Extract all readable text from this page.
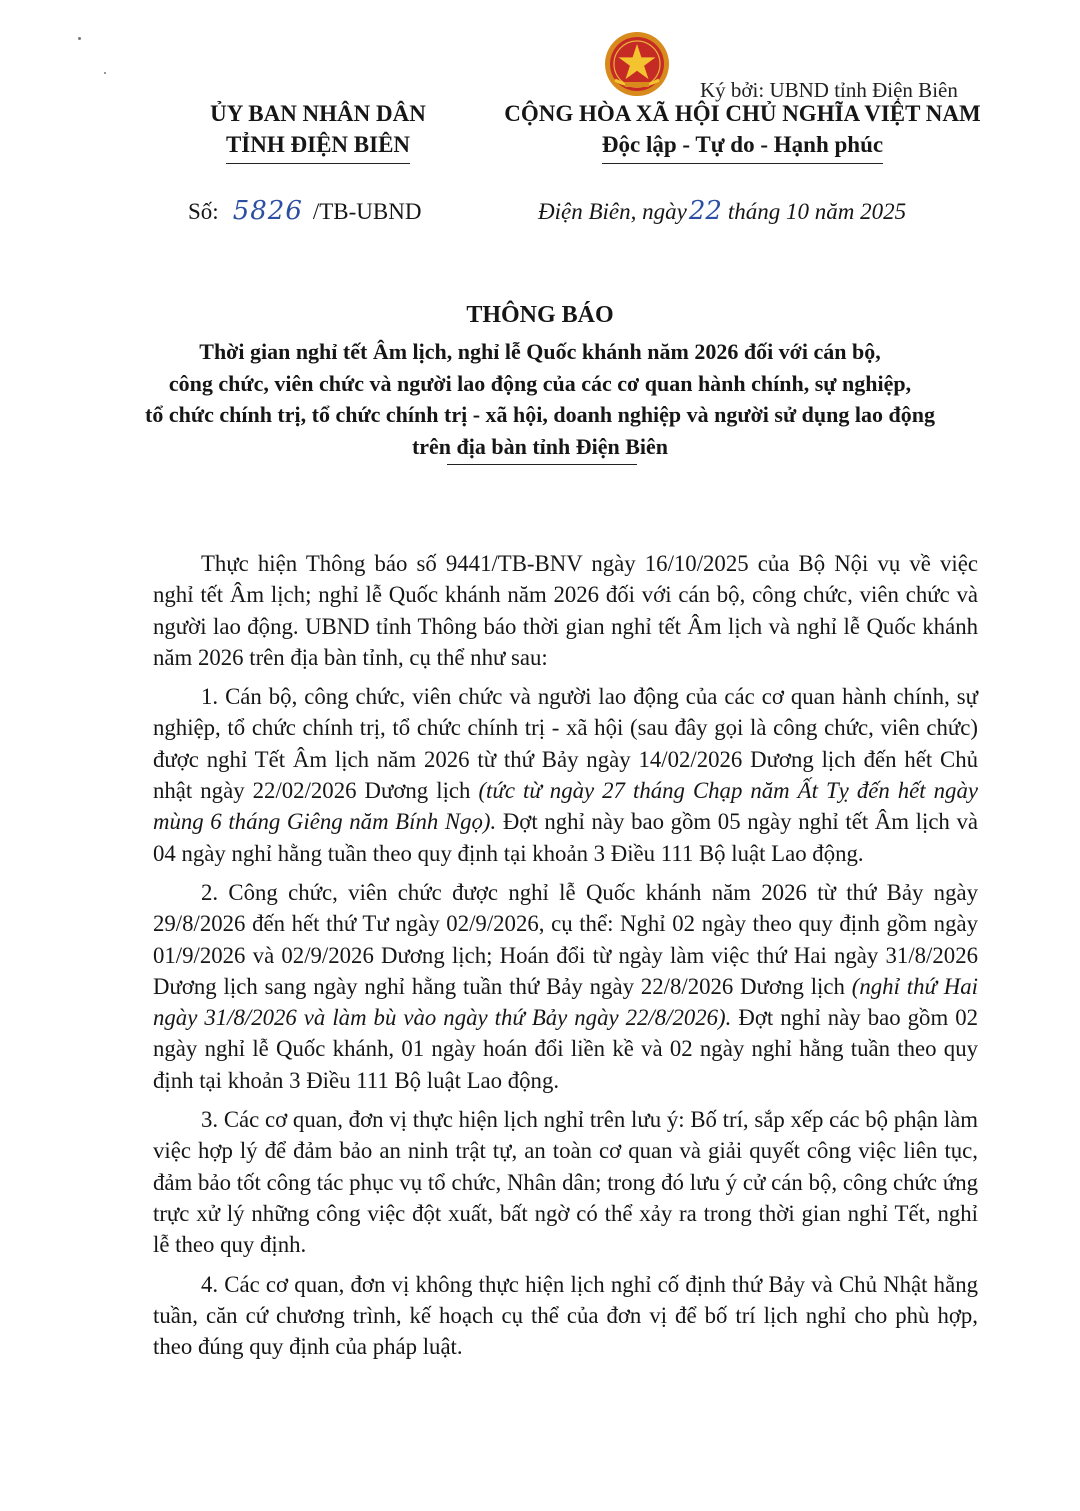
Ký bởi: UBND tỉnh Điện Biên
ỦY BAN NHÂN DÂN
TỈNH ĐIỆN BIÊN
CỘNG HÒA XÃ HỘI CHỦ NGHĨA VIỆT NAM
Độc lập - Tự do - Hạnh phúc
Số: 5826 /TB-UBND	Điện Biên, ngày22 tháng 10 năm 2025
THÔNG BÁO
Thời gian nghỉ tết Âm lịch, nghỉ lễ Quốc khánh năm 2026 đối với cán bộ,
công chức, viên chức và người lao động của các cơ quan hành chính, sự nghiệp,
tổ chức chính trị, tổ chức chính trị - xã hội, doanh nghiệp và người sử dụng lao động
trên địa bàn tỉnh Điện Biên

Thực hiện Thông báo số 9441/TB-BNV ngày 16/10/2025 của Bộ Nội vụ về việc nghỉ tết Âm lịch; nghỉ lễ Quốc khánh năm 2026 đối với cán bộ, công chức, viên chức và người lao động. UBND tỉnh Thông báo thời gian nghỉ tết Âm lịch và nghỉ lễ Quốc khánh năm 2026 trên địa bàn tỉnh, cụ thể như sau:

1. Cán bộ, công chức, viên chức và người lao động của các cơ quan hành chính, sự nghiệp, tổ chức chính trị, tổ chức chính trị - xã hội (sau đây gọi là công chức, viên chức) được nghỉ Tết Âm lịch năm 2026 từ thứ Bảy ngày 14/02/2026 Dương lịch đến hết Chủ nhật ngày 22/02/2026 Dương lịch (tức từ ngày 27 tháng Chạp năm Ất Tỵ đến hết ngày mùng 6 tháng Giêng năm Bính Ngọ). Đợt nghỉ này bao gồm 05 ngày nghỉ tết Âm lịch và 04 ngày nghỉ hằng tuần theo quy định tại khoản 3 Điều 111 Bộ luật Lao động.

2. Công chức, viên chức được nghỉ lễ Quốc khánh năm 2026 từ thứ Bảy ngày 29/8/2026 đến hết thứ Tư ngày 02/9/2026, cụ thể: Nghỉ 02 ngày theo quy định gồm ngày 01/9/2026 và 02/9/2026 Dương lịch; Hoán đổi từ ngày làm việc thứ Hai ngày 31/8/2026 Dương lịch sang ngày nghỉ hằng tuần thứ Bảy ngày 22/8/2026 Dương lịch (nghỉ thứ Hai ngày 31/8/2026 và làm bù vào ngày thứ Bảy ngày 22/8/2026). Đợt nghỉ này bao gồm 02 ngày nghỉ lễ Quốc khánh, 01 ngày hoán đổi liền kề và 02 ngày nghỉ hằng tuần theo quy định tại khoản 3 Điều 111 Bộ luật Lao động.

3. Các cơ quan, đơn vị thực hiện lịch nghỉ trên lưu ý: Bố trí, sắp xếp các bộ phận làm việc hợp lý để đảm bảo an ninh trật tự, an toàn cơ quan và giải quyết công việc liên tục, đảm bảo tốt công tác phục vụ tổ chức, Nhân dân; trong đó lưu ý cử cán bộ, công chức ứng trực xử lý những công việc đột xuất, bất ngờ có thể xảy ra trong thời gian nghỉ Tết, nghỉ lễ theo quy định.

4. Các cơ quan, đơn vị không thực hiện lịch nghỉ cố định thứ Bảy và Chủ Nhật hằng tuần, căn cứ chương trình, kế hoạch cụ thể của đơn vị để bố trí lịch nghỉ cho phù hợp, theo đúng quy định của pháp luật.
